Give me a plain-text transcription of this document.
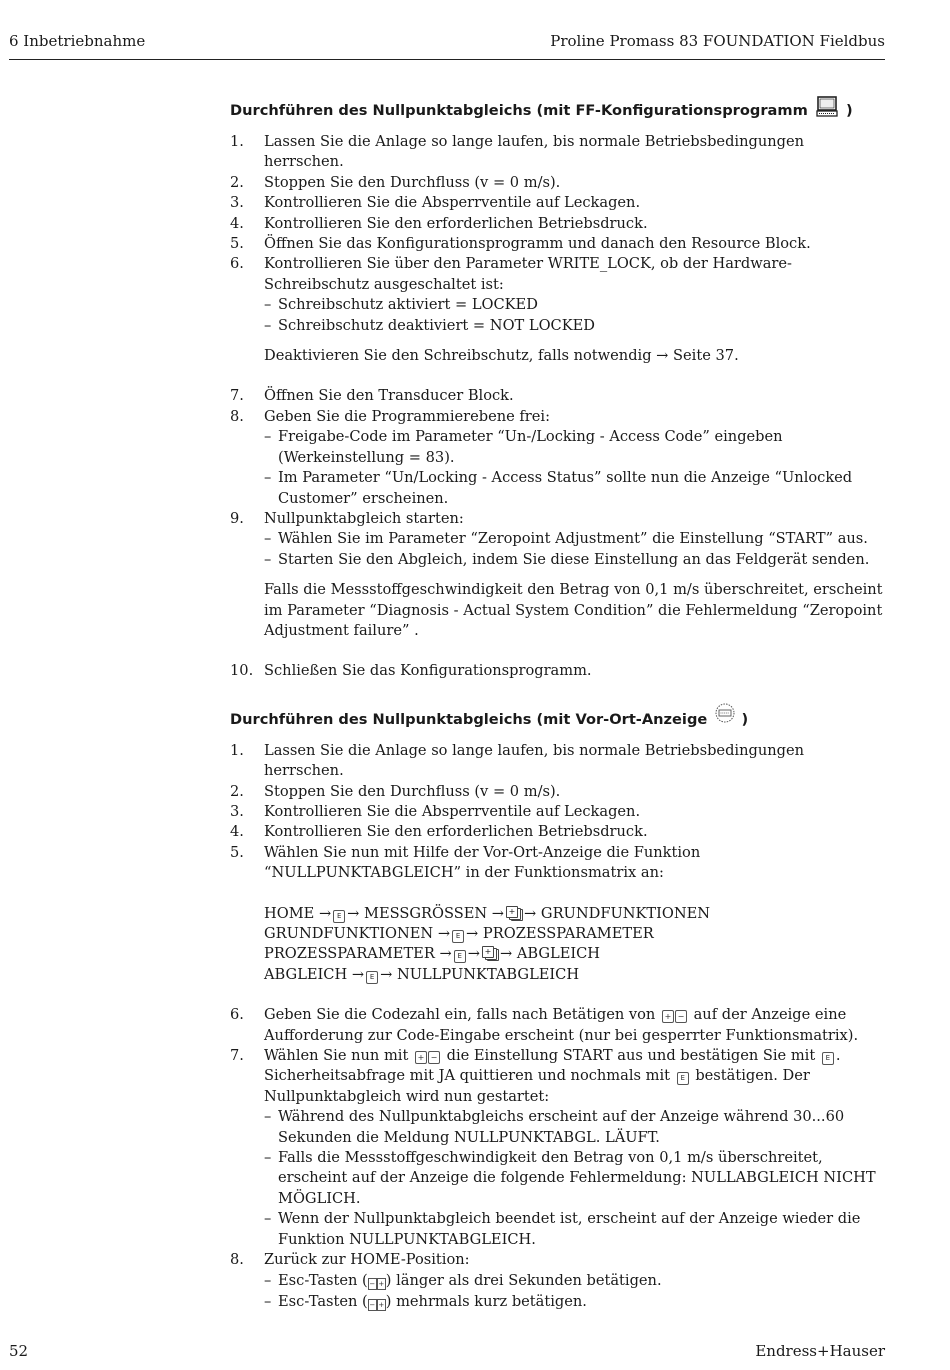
6 Inbetriebnahme	Proline Promass 83 FOUNDATION Fieldbus
Durchführen des Nullpunktabgleichs (mit FF-Konfigurationsprogramm	)
1. Lassen Sie die Anlage so lange laufen, bis normale Betriebsbedingungen herrschen.
2. Stoppen Sie den Durchfluss (v = 0 m/s).
3. Kontrollieren Sie die Absperrventile auf Leckagen.
4. Kontrollieren Sie den erforderlichen Betriebsdruck.
5. Öffnen Sie das Konfigurationsprogramm und danach den Resource Block.
6. Kontrollieren Sie über den Parameter WRITE_LOCK, ob der Hardware-Schreibschutz ausgeschaltet ist:
– Schreibschutz aktiviert = LOCKED
– Schreibschutz deaktiviert = NOT LOCKED
Deaktivieren Sie den Schreibschutz, falls notwendig → Seite 37.
7. Öffnen Sie den Transducer Block.
8. Geben Sie die Programmierebene frei:
– Freigabe-Code im Parameter “Un-/Locking - Access Code” eingeben (Werkeinstellung = 83).
– Im Parameter “Un/Locking - Access Status” sollte nun die Anzeige “Unlocked Customer” erscheinen.
9. Nullpunktabgleich starten:
– Wählen Sie im Parameter “Zeropoint Adjustment” die Einstellung “START” aus.
– Starten Sie den Abgleich, indem Sie diese Einstellung an das Feldgerät senden.
Falls die Messstoffgeschwindigkeit den Betrag von 0,1 m/s überschreitet, erscheint im Parameter “Diagnosis - Actual System Condition” die Fehlermeldung “Zeropoint Adjustment failure” .
10. Schließen Sie das Konfigurationsprogramm.
Durchführen des Nullpunktabgleichs (mit Vor-Ort-Anzeige )
1. Lassen Sie die Anlage so lange laufen, bis normale Betriebsbedingungen herrschen.
2. Stoppen Sie den Durchfluss (v = 0 m/s).
3. Kontrollieren Sie die Absperrventile auf Leckagen.
4. Kontrollieren Sie den erforderlichen Betriebsdruck.
5. Wählen Sie nun mit Hilfe der Vor-Ort-Anzeige die Funktion “NULLPUNKTABGLEICH” in der Funktionsmatrix an:
HOME → E → MESSGRÖSSEN → + → GRUNDFUNKTIONEN
GRUNDFUNKTIONEN → E → PROZESSPARAMETER
PROZESSPARAMETER → E → + → ABGLEICH
ABGLEICH → E → NULLPUNKTABGLEICH
6. Geben Sie die Codezahl ein, falls nach Betätigen von + − auf der Anzeige eine Aufforderung zur Code-Eingabe erscheint (nur bei gesperrter Funktionsmatrix).
7. Wählen Sie nun mit + − die Einstellung START aus und bestätigen Sie mit E . Sicherheitsabfrage mit JA quittieren und nochmals mit E bestätigen. Der Nullpunktabgleich wird nun gestartet:
– Während des Nullpunktabgleichs erscheint auf der Anzeige während 30...60 Sekunden die Meldung NULLPUNKTABGL. LÄUFT.
– Falls die Messstoffgeschwindigkeit den Betrag von 0,1 m/s überschreitet, erscheint auf der Anzeige die folgende Fehlermeldung: NULLABGLEICH NICHT MÖGLICH.
– Wenn der Nullpunktabgleich beendet ist, erscheint auf der Anzeige wieder die Funktion NULLPUNKTABGLEICH.
8. Zurück zur HOME-Position:
– Esc-Tasten ( − + ) länger als drei Sekunden betätigen.
– Esc-Tasten ( − + ) mehrmals kurz betätigen.
52	Endress+Hauser
